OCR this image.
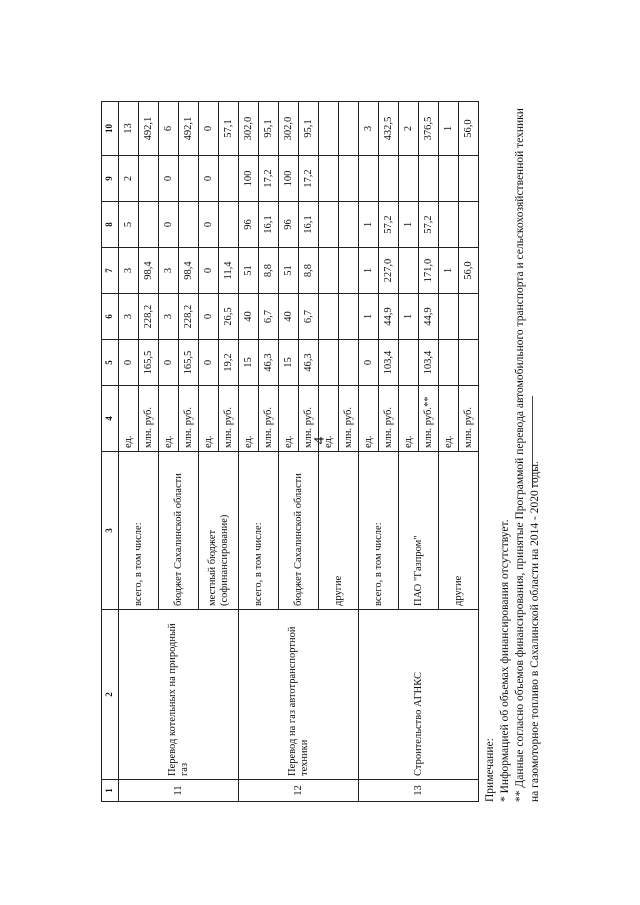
4
1	2	3	4	5	6	7	8	9	10
11	Перевод котельных на природный газ	всего, в том числе:	ед.	0	3	3	5	2	13
			млн. руб.	165,5	228,2	98,4			492,1
		бюджет Сахалинской области	ед.	0	3	3	0	0	6
			млн. руб.	165,5	228,2	98,4			492,1
		местный бюджет (софинансирование)	ед.	0	0	0	0	0	0
			млн. руб.	19,2	26,5	11,4			57,1
12	Перевод на газ автотранспортной техники	всего, в том числе:	ед.	15	40	51	96	100	302,0
			млн. руб.	46,3	6,7	8,8	16,1	17,2	95,1
		бюджет Сахалинской области	ед.	15	40	51	96	100	302,0
			млн. руб.	46,3	6,7	8,8	16,1	17,2	95,1
		другие	ед.						
			млн. руб.						
13	Строительство АГНКС	всего, в том числе:	ед.	0	1	1	1		3
			млн. руб.	103,4	44,9	227,0	57,2		432,5
		ПАО "Газпром"	ед.		1		1		2
			млн. руб.**	103,4	44,9	171,0	57,2		376,5
		другие	ед.			1			1
			млн. руб.			56,0			56,0
Примечание: * Информацией об объемах финансирования отсутствует. ** Данные согласно объемов финансирования, принятые Программой перевода автомобильного транспорта и сельскохозяйственной техники на газомоторное топливо в Сахалинской области на 2014 - 2020 годы.
